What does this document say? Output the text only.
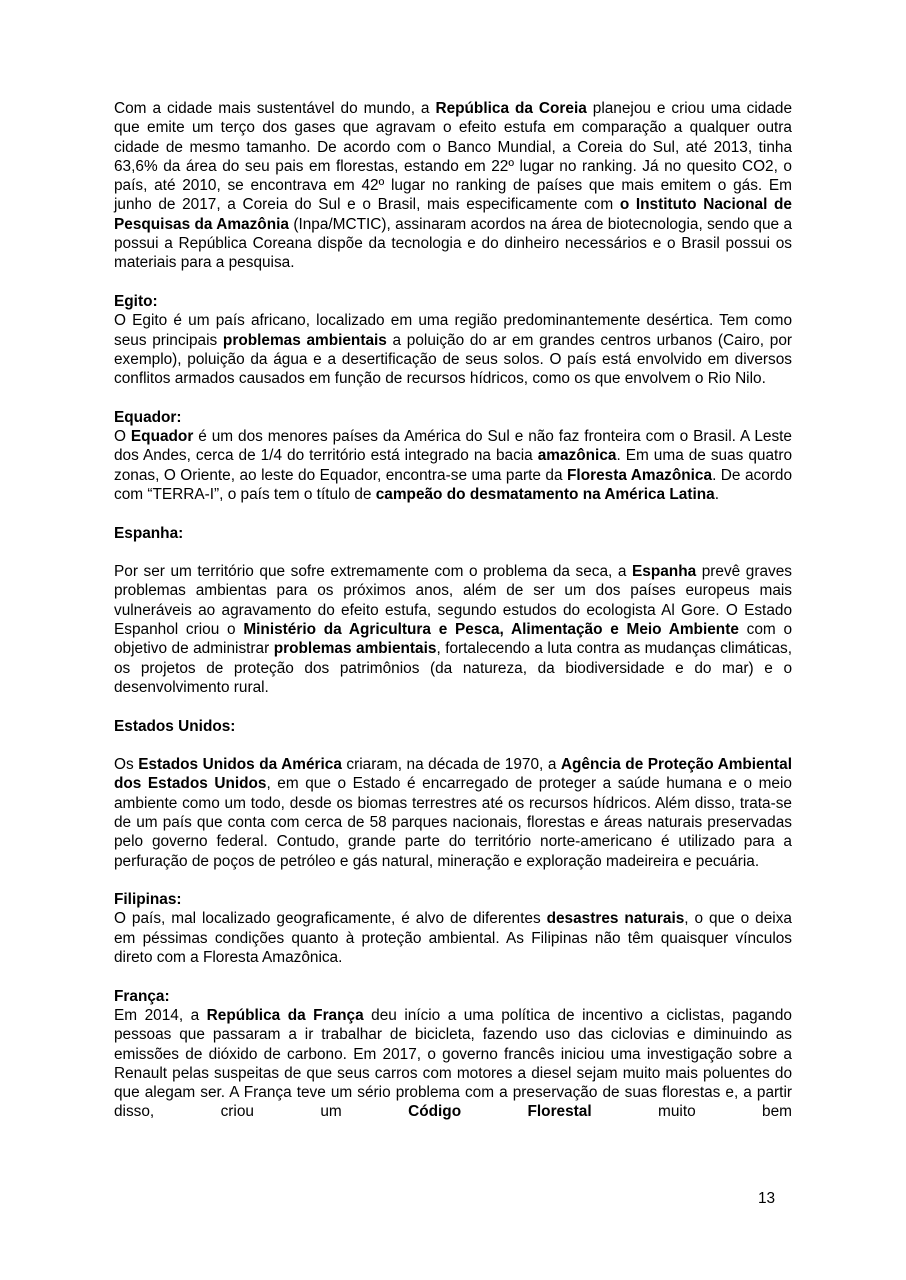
Com a cidade mais sustentável do mundo, a República da Coreia planejou e criou uma cidade que emite um terço dos gases que agravam o efeito estufa em comparação a qualquer outra cidade de mesmo tamanho. De acordo com o Banco Mundial, a Coreia do Sul, até 2013, tinha 63,6% da área do seu pais em florestas, estando em 22º lugar no ranking. Já no quesito CO2, o país, até 2010, se encontrava em 42º lugar no ranking de países que mais emitem o gás. Em junho de 2017, a Coreia do Sul e o Brasil, mais especificamente com o Instituto Nacional de Pesquisas da Amazônia (Inpa/MCTIC), assinaram acordos na área de biotecnologia, sendo que a possui a República Coreana dispõe da tecnologia e do dinheiro necessários e o Brasil possui os materiais para a pesquisa.

Egito:

O Egito é um país africano, localizado em uma região predominantemente desértica. Tem como seus principais problemas ambientais a poluição do ar em grandes centros urbanos (Cairo, por exemplo), poluição da água e a desertificação de seus solos. O país está envolvido em diversos conflitos armados causados em função de recursos hídricos, como os que envolvem o Rio Nilo.

Equador:

O Equador é um dos menores países da América do Sul e não faz fronteira com o Brasil. A Leste dos Andes, cerca de 1/4 do território está integrado na bacia amazônica. Em uma de suas quatro zonas, O Oriente, ao leste do Equador, encontra-se uma parte da Floresta Amazônica. De acordo com “TERRA-I”, o país tem o título de campeão do desmatamento na América Latina.

Espanha:

Por ser um território que sofre extremamente com o problema da seca, a Espanha prevê graves problemas ambientas para os próximos anos, além de ser um dos países europeus mais vulneráveis ao agravamento do efeito estufa, segundo estudos do ecologista Al Gore. O Estado Espanhol criou o Ministério da Agricultura e Pesca, Alimentação e Meio Ambiente com o objetivo de administrar problemas ambientais, fortalecendo a luta contra as mudanças climáticas, os projetos de proteção dos patrimônios (da natureza, da biodiversidade e do mar) e o desenvolvimento rural.

Estados Unidos:

Os Estados Unidos da América criaram, na década de 1970, a Agência de Proteção Ambiental dos Estados Unidos, em que o Estado é encarregado de proteger a saúde humana e o meio ambiente como um todo, desde os biomas terrestres até os recursos hídricos. Além disso, trata-se de um país que conta com cerca de 58 parques nacionais, florestas e áreas naturais preservadas pelo governo federal. Contudo, grande parte do território norte-americano é utilizado para a perfuração de poços de petróleo e gás natural, mineração e exploração madeireira e pecuária.

Filipinas:

O país, mal localizado geograficamente, é alvo de diferentes desastres naturais, o que o deixa em péssimas condições quanto à proteção ambiental. As Filipinas não têm quaisquer vínculos direto com a Floresta Amazônica.

França:

Em 2014, a República da França deu início a uma política de incentivo a ciclistas, pagando pessoas que passaram a ir trabalhar de bicicleta, fazendo uso das ciclovias e diminuindo as emissões de dióxido de carbono. Em 2017, o governo francês iniciou uma investigação sobre a Renault pelas suspeitas de que seus carros com motores a diesel sejam muito mais poluentes do que alegam ser. A França teve um sério problema com a preservação de suas florestas e, a partir disso, criou um Código Florestal muito bem

13
